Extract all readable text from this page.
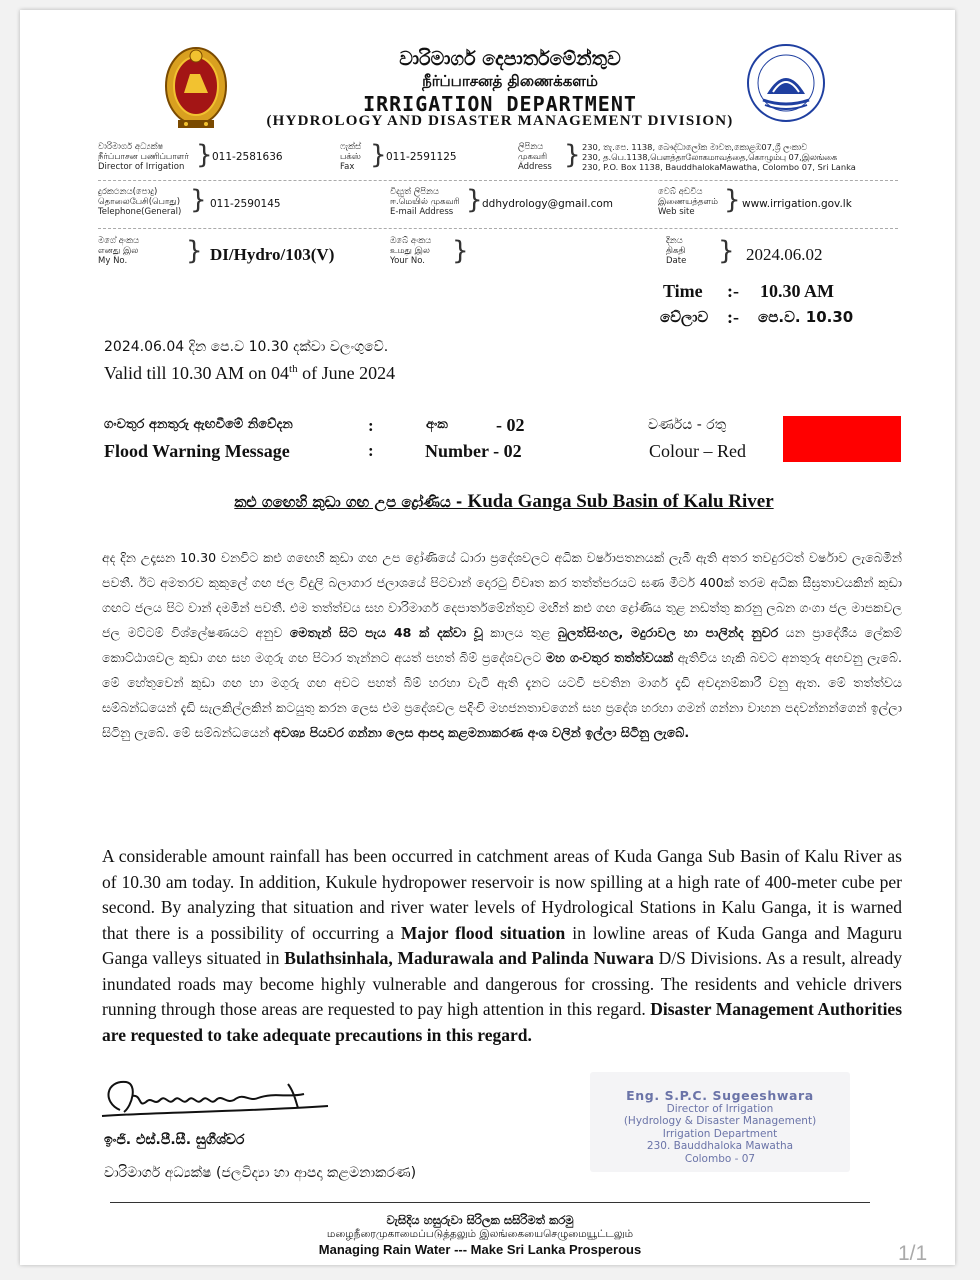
වාරිමාර්ග දෙපාර්තමේන්තුව
நீர்ப்பாசனத் திணைக்களம்
IRRIGATION DEPARTMENT
(HYDROLOGY AND DISASTER MANAGEMENT DIVISION)
වාරිමාර්ග අධ්‍යක්ෂ
நீர்ப்பாசன பணிப்பாளர்
Director of Irrigation } 011-2581636
ෆැක්ස්
பக்ஸ்
Fax } 011-2591125
ලිපිනය
முகவரி
Address } 230, තැ.පෙ. 1138, බෞද්ධාලෝක මාවත,කොළඹ07,ශ්‍රී ලංකාව
230, த.பெ.1138,பௌத்தாலோகமாவத்தை,கொழும்பு 07,இலங்கை
230, P.O. Box 1138, BauddhalokaMawatha, Colombo 07, Sri Lanka
දුරකථනය(පොදු)
தொலைபேசி(பொது)
Telephone(General) } 011-2590145
විද්‍යුත් ලිපිනය
ஈ.மெயில் முகவரி
E-mail Address } ddhydrology@gmail.com
වෙබ් අඩවිය
இணையத்தளம்
Web site	} www.irrigation.gov.lk
මගේ අංකය
எனது இல
My No.	} DI/Hydro/103(V)
ඔබේ අංකය
உமது இல
Your No. }	දිනය
திகதி
Date } 2024.06.02
Time :- 10.30 AM
වේලාව :- පෙ.ව. 10.30
2024.06.04 දින පෙ.ව 10.30 දක්වා වලංගුවේ.
Valid till 10.30 AM on 04th of June 2024
ගංවතුර අනතුරු ඇඟවීමේ නිවේදන	:	අංක	- 02	වර්ණය - රතු
Flood Warning Message	:	Number - 02	Colour – Red
කළු ගඟෙහි කුඩා ගඟ උප ද්‍රෝණිය - Kuda Ganga Sub Basin of Kalu River
අද දින උදෑසන 10.30 වනවිට කළු ගඟෙහි කුඩා ගඟ උප ද්‍රෝණියේ ධාරා ප්‍රදේශවලට අධික වර්ෂාපතනයක් ලැබී ඇති අතර තවදුරටත් වර්ෂාව ලැබෙමින් පවතී. ඊට අමතරව කුකුලේ ගඟ ජල විදුලි බලාගාර ජලාශයේ පිටවාන් දොරටු විවෘත කර තත්ත්පරයට ඝණ මීටර් 400ක් තරම අධික සීඝ්‍රතාවයකින් කුඩා ගඟට ජලය පිට වාන් දමමින් පවතී. එම තත්ත්වය සහ වාරිමාර්ග දෙපාර්තමේන්තුව මඟින් කළු ගඟ ද්‍රෝණිය තුළ නඩත්තු කරනු ලබන ගංගා ජල මාපකවල ජල මට්ටම් විශ්ලේෂණයට අනුව මෙතැන් සිට පැය 48 ක් දක්වා වූ කාලය තුළ බුලත්සිංහල, මදුරාවල හා පාලින්ද නුවර යන ප්‍රාදේශීය ලේකම් කොට්ඨාශවල කුඩා ගඟ සහ මගුරු ගඟ පිටාර තැන්නට අයත් පහත් බිම් ප්‍රදේශවලට මහ ගංවතුර තත්ත්වයක් ඇතිවිය හැකි බවට අනතුරු අඟවනු ලැබේ. මේ හේතුවෙන් කුඩා ගඟ හා මගුරු ගඟ අවට පහත් බිම් හරහා වැටී ඇති දැනට යටවී පවතින මාර්ග දැඩි අවදානම්කාරී වනු ඇත. මේ තත්ත්වය සම්බන්ධයෙන් දැඩි සැලකිල්ලකින් කටයුතු කරන ලෙස එම ප්‍රදේශවල පදිංචි මහජනතාවගෙන් සහ ප්‍රදේශ හරහා ගමන් ගන්නා වාහන පදවන්නන්ගෙන් ඉල්ලා සිටිනු ලැබේ. මේ සම්බන්ධයෙන් අවශ්‍ය පියවර ගන්නා ලෙස ආපදා කළමනාකරණ අංශ වලින් ඉල්ලා සිටිනු ලැබේ.
A considerable amount rainfall has been occurred in catchment areas of Kuda Ganga Sub Basin of Kalu River as of 10.30 am today. In addition, Kukule hydropower reservoir is now spilling at a high rate of 400-meter cube per second. By analyzing that situation and river water levels of Hydrological Stations in Kalu Ganga, it is warned that there is a possibility of occurring a Major flood situation in lowline areas of Kuda Ganga and Maguru Ganga valleys situated in Bulathsinhala, Madurawala and Palinda Nuwara D/S Divisions. As a result, already inundated roads may become highly vulnerable and dangerous for crossing. The residents and vehicle drivers running through those areas are requested to pay high attention in this regard. Disaster Management Authorities are requested to take adequate precautions in this regard.
ඉංජි. එස්.පී.සී. සුගීශ්වර
වාරිමාර්ග අධ්‍යක්ෂ (ජලවිද්‍යා හා ආපදා කළමනාකරණ)
Eng. S.P.C. Sugeeshwara
Director of Irrigation
(Hydrology & Disaster Management)
Irrigation Department
230. Bauddhaloka Mawatha
Colombo - 07
වැසිදිය හසුරුවා සිරිලක සසිරිමත් කරමු
மழைநீரைமுகாமைப்படுத்தலும் இலங்கையைசெழுமையூட்டலும்
Managing Rain Water --- Make Sri Lanka Prosperous	1/1
